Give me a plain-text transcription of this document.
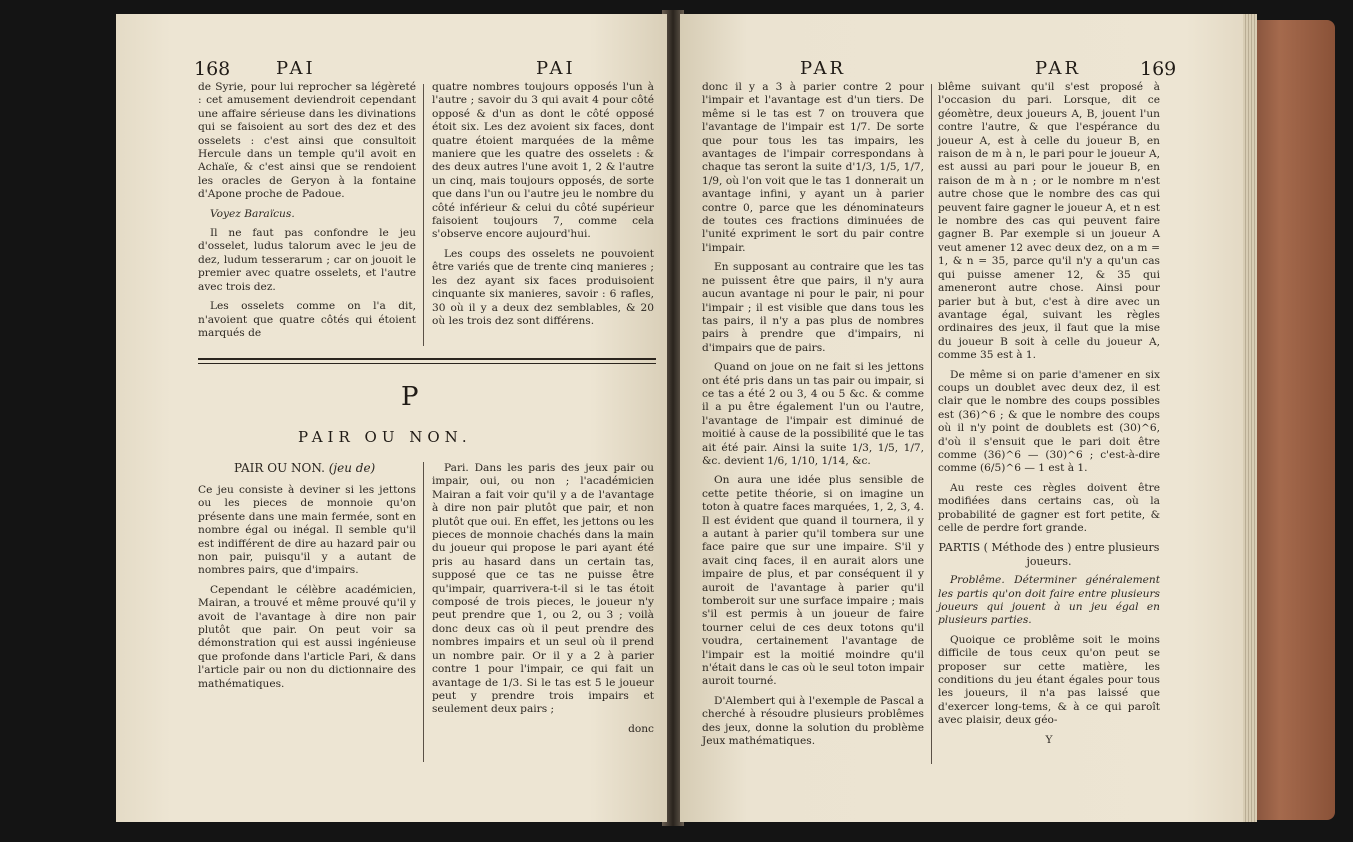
168	PAI	PAI

de Syrie, pour lui reprocher sa légèreté : cet amusement deviendroit cependant une affaire sérieuse dans les divinations qui se faisoient au sort des dez et des osselets : c'est ainsi que consultoit Hercule dans un temple qu'il avoit en Achaïe, & c'est ainsi que se rendoient les oracles de Geryon à la fontaine d'Apone proche de Padoue.

Voyez Baraïcus.

Il ne faut pas confondre le jeu d'osselet, ludus talorum avec le jeu de dez, ludum tesserarum ; car on jouoit le premier avec quatre osselets, et l'autre avec trois dez.

Les osselets comme on l'a dit, n'avoient que quatre côtés qui étoient marqués de

quatre nombres toujours opposés l'un à l'autre ; savoir du 3 qui avait 4 pour côté opposé & d'un as dont le côté opposé étoit six. Les dez avoient six faces, dont quatre étoient marquées de la même maniere que les quatre des osselets : & des deux autres l'une avoit 1, 2 & l'autre un cinq, mais toujours opposés, de sorte que dans l'un ou l'autre jeu le nombre du côté inférieur & celui du côté supérieur faisoient toujours 7, comme cela s'observe encore aujourd'hui.

Les coups des osselets ne pouvoient être variés que de trente cinq manieres ; les dez ayant six faces produisoient cinquante six manieres, savoir : 6 rafles, 30 où il y a deux dez semblables, & 20 où les trois dez sont différens.

P
PAIR OU NON.
PAIR OU NON. (jeu de)

Ce jeu consiste à deviner si les jettons ou les pieces de monnoie qu'on présente dans une main fermée, sont en nombre égal ou inégal. Il semble qu'il est indifférent de dire au hazard pair ou non pair, puisqu'il y a autant de nombres pairs, que d'impairs.

Cependant le célèbre académicien, Mairan, a trouvé et même prouvé qu'il y avoit de l'avantage à dire non pair plutôt que pair. On peut voir sa démonstration qui est aussi ingénieuse que profonde dans l'article Pari, & dans l'article pair ou non du dictionnaire des mathématiques.

Pari. Dans les paris des jeux pair ou impair, oui, ou non ; l'académicien Mairan a fait voir qu'il y a de l'avantage à dire non pair plutôt que pair, et non plutôt que oui. En effet, les jettons ou les pieces de monnoie chachés dans la main du joueur qui propose le pari ayant été pris au hasard dans un certain tas, supposé que ce tas ne puisse être qu'impair, quarrivera-t-il si le tas étoit composé de trois pieces, le joueur n'y peut prendre que 1, ou 2, ou 3 ; voilà donc deux cas où il peut prendre des nombres impairs et un seul où il prend un nombre pair. Or il y a 2 à parier contre 1 pour l'impair, ce qui fait un avantage de 1/3. Si le tas est 5 le joueur peut y prendre trois impairs et seulement deux pairs ;

donc

PAR	PAR	169

donc il y a 3 à parier contre 2 pour l'impair et l'avantage est d'un tiers. De même si le tas est 7 on trouvera que l'avantage de l'impair est 1/7. De sorte que pour tous les tas impairs, les avantages de l'impair correspondans à chaque tas seront la suite d'1/3, 1/5, 1/7, 1/9, où l'on voit que le tas 1 donnerait un avantage infini, y ayant un à parier contre 0, parce que les dénominateurs de toutes ces fractions diminuées de l'unité expriment le sort du pair contre l'impair.

En supposant au contraire que les tas ne puissent être que pairs, il n'y aura aucun avantage ni pour le pair, ni pour l'impair ; il est visible que dans tous les tas pairs, il n'y a pas plus de nombres pairs à prendre que d'impairs, ni d'impairs que de pairs.

Quand on joue on ne fait si les jettons ont été pris dans un tas pair ou impair, si ce tas a été 2 ou 3, 4 ou 5 &c. & comme il a pu être également l'un ou l'autre, l'avantage de l'impair est diminué de moitié à cause de la possibilité que le tas ait été pair. Ainsi la suite 1/3, 1/5, 1/7, &c. devient 1/6, 1/10, 1/14, &c.

On aura une idée plus sensible de cette petite théorie, si on imagine un toton à quatre faces marquées, 1, 2, 3, 4. Il est évident que quand il tournera, il y a autant à parier qu'il tombera sur une face paire que sur une impaire. S'il y avait cinq faces, il en aurait alors une impaire de plus, et par conséquent il y auroit de l'avantage à parier qu'il tomberoit sur une surface impaire ; mais s'il est permis à un joueur de faire tourner celui de ces deux totons qu'il voudra, certainement l'avantage de l'impair est la moitié moindre qu'il n'était dans le cas où le seul toton impair auroit tourné.

D'Alembert qui à l'exemple de Pascal a cherché à résoudre plusieurs problêmes des jeux, donne la solution du problème Jeux mathématiques.

blême suivant qu'il s'est proposé à l'occasion du pari. Lorsque, dit ce géomètre, deux joueurs A, B, jouent l'un contre l'autre, & que l'espérance du joueur A, est à celle du joueur B, en raison de m à n, le pari pour le joueur A, est aussi au pari pour le joueur B, en raison de m à n ; or le nombre m n'est autre chose que le nombre des cas qui peuvent faire gagner le joueur A, et n est le nombre des cas qui peuvent faire gagner B. Par exemple si un joueur A veut amener 12 avec deux dez, on a m = 1, & n = 35, parce qu'il n'y a qu'un cas qui puisse amener 12, & 35 qui ameneront autre chose. Ainsi pour parier but à but, c'est à dire avec un avantage égal, suivant les règles ordinaires des jeux, il faut que la mise du joueur B soit à celle du joueur A, comme 35 est à 1.

De même si on parie d'amener en six coups un doublet avec deux dez, il est clair que le nombre des coups possibles est (36)^6 ; & que le nombre des coups où il n'y point de doublets est (30)^6, d'où il s'ensuit que le pari doit être comme (36)^6 — (30)^6 ; c'est-à-dire comme (6/5)^6 — 1 est à 1.

Au reste ces règles doivent être modifiées dans certains cas, où la probabilité de gagner est fort petite, & celle de perdre fort grande.

PARTIS ( Méthode des ) entre plusieurs joueurs.

Problême. Déterminer généralement les partis qu'on doit faire entre plusieurs joueurs qui jouent à un jeu égal en plusieurs parties.

Quoique ce problême soit le moins difficile de tous ceux qu'on peut se proposer sur cette matière, les conditions du jeu étant égales pour tous les joueurs, il n'a pas laissé que d'exercer long-tems, & à ce qui paroît avec plaisir, deux géo-

Y
